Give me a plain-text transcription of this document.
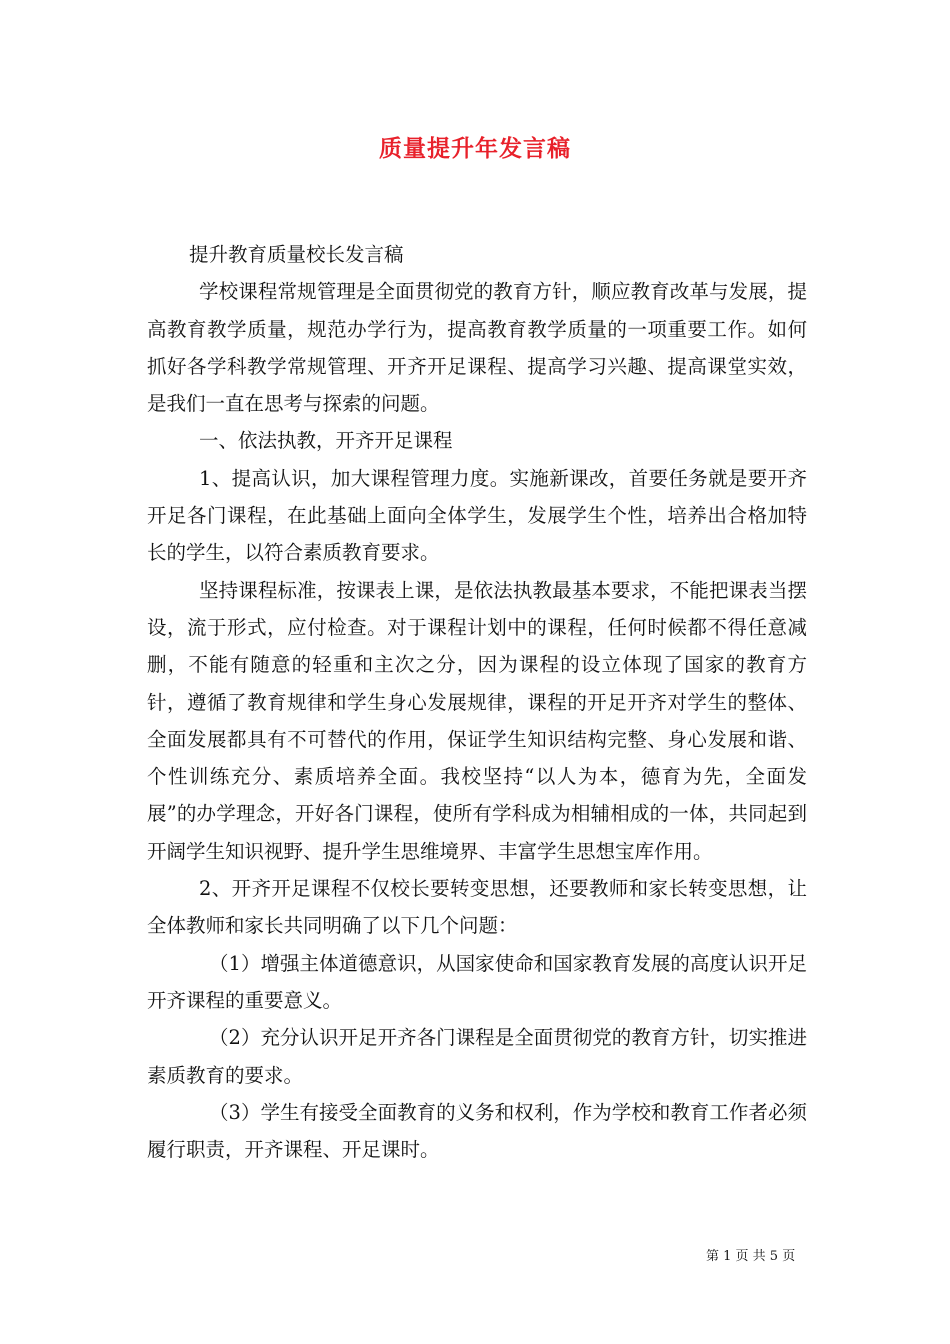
质量提升年发言稿

提升教育质量校长发言稿

学校课程常规管理是全面贯彻党的教育方针，顺应教育改革与发展，提高教育教学质量，规范办学行为，提高教育教学质量的一项重要工作。如何抓好各学科教学常规管理、开齐开足课程、提高学习兴趣、提高课堂实效，是我们一直在思考与探索的问题。

一、依法执教，开齐开足课程

1、提高认识，加大课程管理力度。实施新课改，首要任务就是要开齐开足各门课程，在此基础上面向全体学生，发展学生个性，培养出合格加特长的学生，以符合素质教育要求。

坚持课程标准，按课表上课，是依法执教最基本要求，不能把课表当摆设，流于形式，应付检查。对于课程计划中的课程，任何时候都不得任意减删，不能有随意的轻重和主次之分，因为课程的设立体现了国家的教育方针，遵循了教育规律和学生身心发展规律，课程的开足开齐对学生的整体、全面发展都具有不可替代的作用，保证学生知识结构完整、身心发展和谐、个性训练充分、素质培养全面。我校坚持“以人为本，德育为先，全面发展”的办学理念，开好各门课程，使所有学科成为相辅相成的一体，共同起到开阔学生知识视野、提升学生思维境界、丰富学生思想宝库作用。

2、开齐开足课程不仅校长要转变思想，还要教师和家长转变思想，让全体教师和家长共同明确了以下几个问题：

（1）增强主体道德意识，从国家使命和国家教育发展的高度认识开足开齐课程的重要意义。

（2）充分认识开足开齐各门课程是全面贯彻党的教育方针，切实推进素质教育的要求。

（3）学生有接受全面教育的义务和权利，作为学校和教育工作者必须履行职责，开齐课程、开足课时。

第 1 页 共 5 页
